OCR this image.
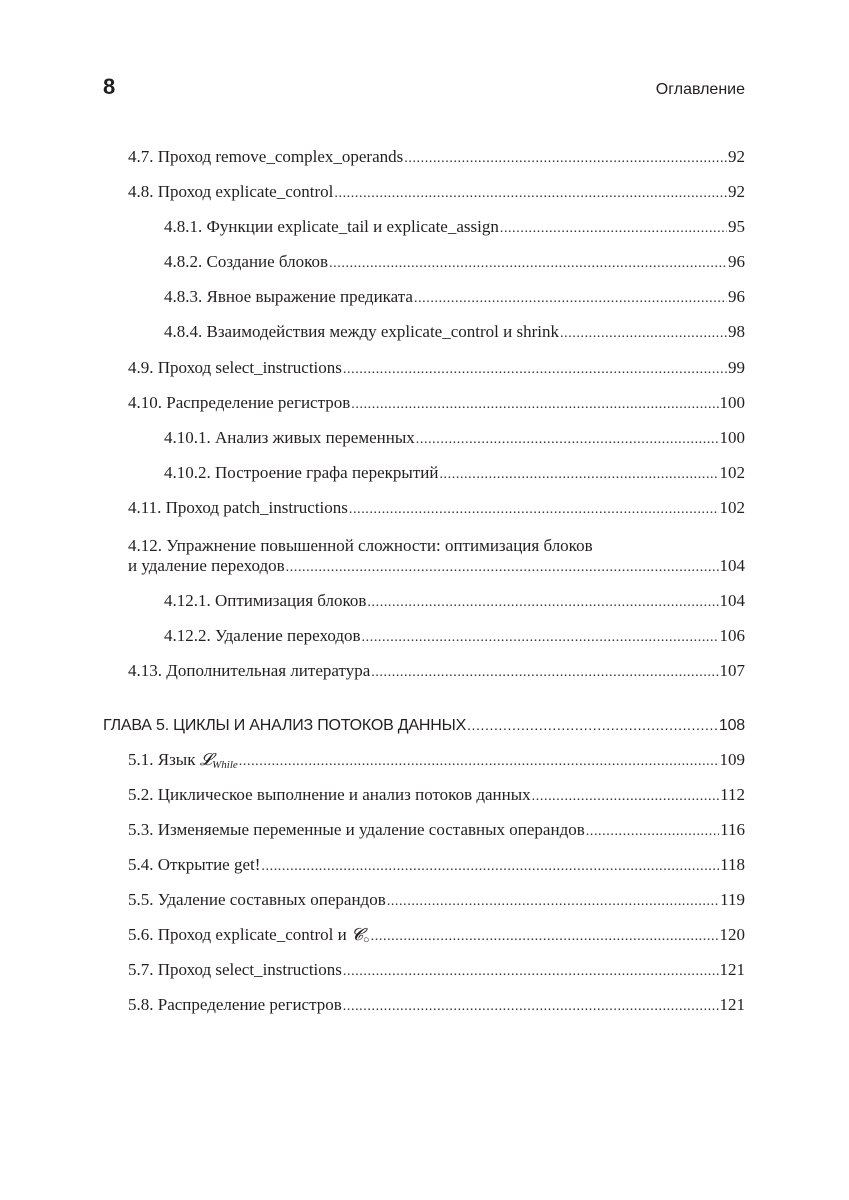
8	Оглавление
4.7. Проход remove_complex_operands .....	92
4.8. Проход explicate_control .....	92
4.8.1. Функции explicate_tail и explicate_assign .....	95
4.8.2. Создание блоков .....	96
4.8.3. Явное выражение предиката .....	96
4.8.4. Взаимодействия между explicate_control и shrink .....	98
4.9. Проход select_instructions .....	99
4.10. Распределение регистров .....	100
4.10.1. Анализ живых переменных .....	100
4.10.2. Построение графа перекрытий .....	102
4.11. Проход patch_instructions .....	102
4.12. Упражнение повышенной сложности: оптимизация блоков
и удаление переходов .....	104
4.12.1. Оптимизация блоков .....	104
4.12.2. Удаление переходов .....	106
4.13. Дополнительная литература .....	107
ГЛАВА 5. ЦИКЛЫ И АНАЛИЗ ПОТОКОВ ДАННЫХ .....	108
5.1. Язык 𝓛$_{While}$ .....	109
5.2. Циклическое выполнение и анализ потоков данных .....	112
5.3. Изменяемые переменные и удаление составных операндов .....	116
5.4. Открытие get! .....	118
5.5. Удаление составных операндов .....	119
5.6. Проход explicate_control и 𝓒$_○$ .....	120
5.7. Проход select_instructions .....	121
5.8. Распределение регистров .....	121
